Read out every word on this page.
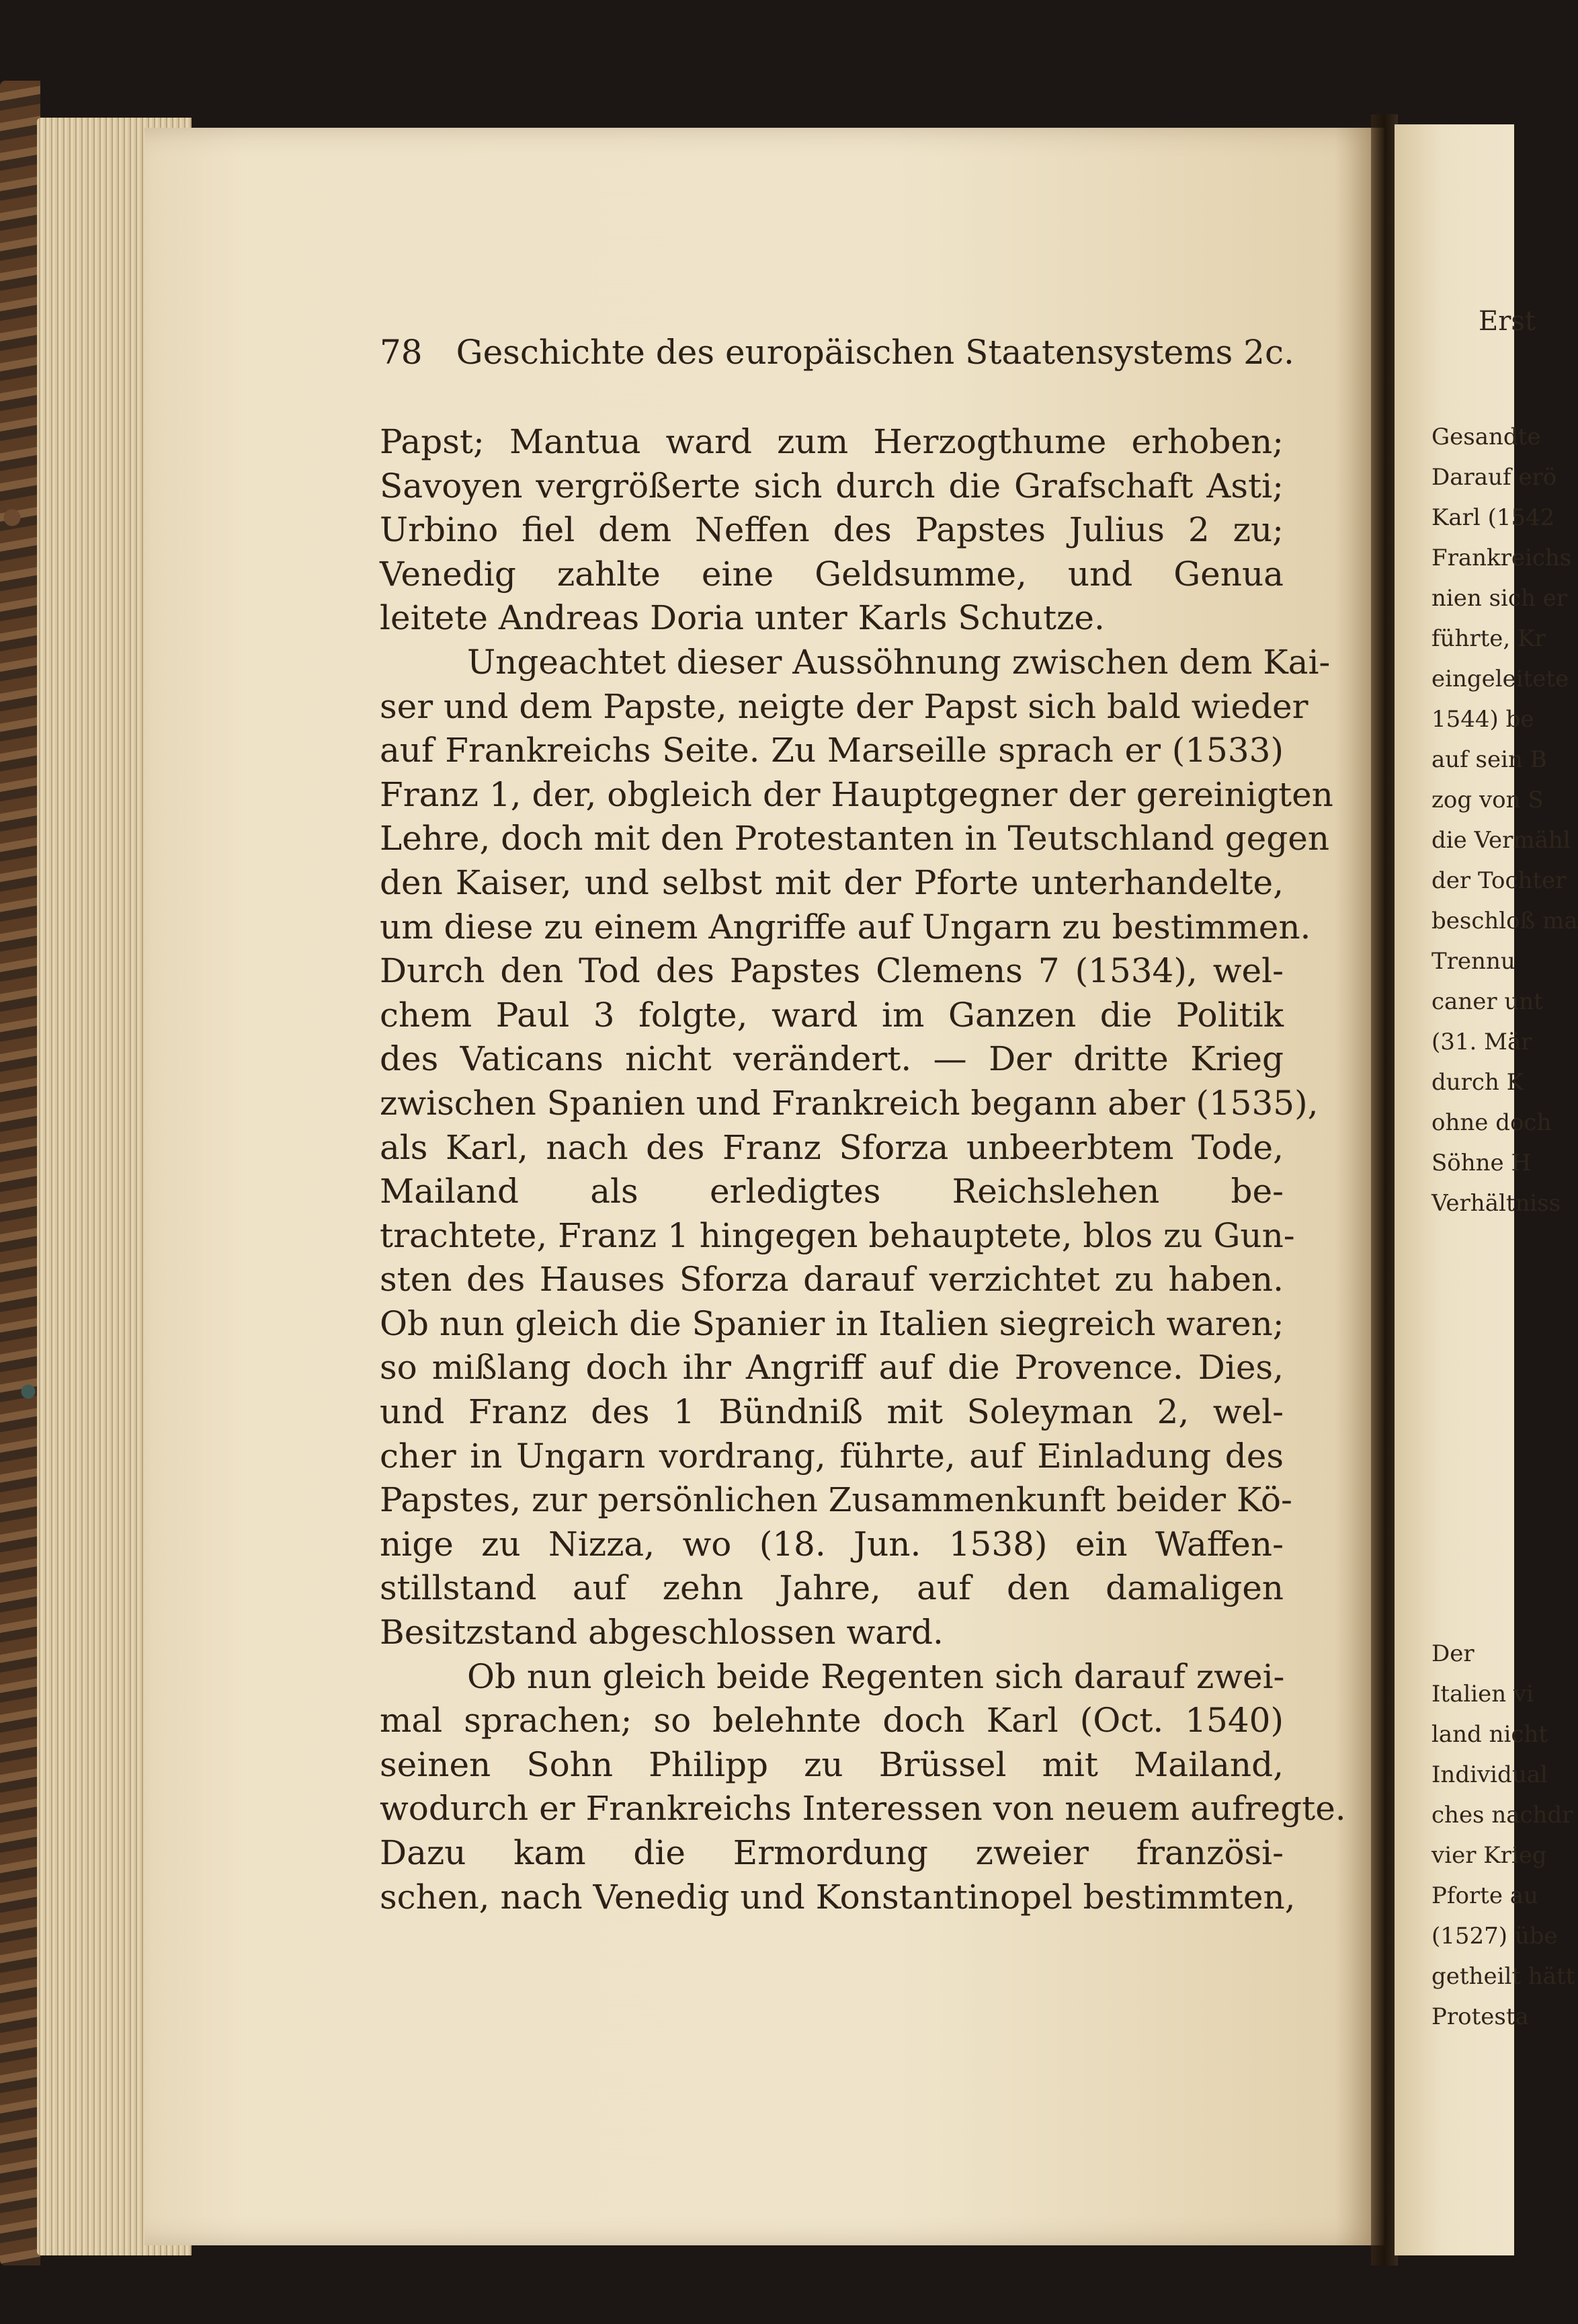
78 Geschichte des europäischen Staatensystems 2c.
Papst; Mantua ward zum Herzogthume erhoben;
Savoyen vergrößerte sich durch die Grafschaft Asti;
Urbino fiel dem Neffen des Papstes Julius 2 zu;
Venedig zahlte eine Geldsumme, und Genua
leitete Andreas Doria unter Karls Schutze.
Ungeachtet dieser Aussöhnung zwischen dem Kai-
ser und dem Papste, neigte der Papst sich bald wieder
auf Frankreichs Seite. Zu Marseille sprach er (1533)
Franz 1, der, obgleich der Hauptgegner der gereinigten
Lehre, doch mit den Protestanten in Teutschland gegen
den Kaiser, und selbst mit der Pforte unterhandelte,
um diese zu einem Angriffe auf Ungarn zu bestimmen.
Durch den Tod des Papstes Clemens 7 (1534), wel-
chem Paul 3 folgte, ward im Ganzen die Politik
des Vaticans nicht verändert. — Der dritte Krieg
zwischen Spanien und Frankreich begann aber (1535),
als Karl, nach des Franz Sforza unbeerbtem Tode,
Mailand als erledigtes Reichslehen be-
trachtete, Franz 1 hingegen behauptete, blos zu Gun-
sten des Hauses Sforza darauf verzichtet zu haben.
Ob nun gleich die Spanier in Italien siegreich waren;
so mißlang doch ihr Angriff auf die Provence. Dies,
und Franz des 1 Bündniß mit Soleyman 2, wel-
cher in Ungarn vordrang, führte, auf Einladung des
Papstes, zur persönlichen Zusammenkunft beider Kö-
nige zu Nizza, wo (18. Jun. 1538) ein Waffen-
stillstand auf zehn Jahre, auf den damaligen
Besitzstand abgeschlossen ward.
Ob nun gleich beide Regenten sich darauf zwei-
mal sprachen; so belehnte doch Karl (Oct. 1540)
seinen Sohn Philipp zu Brüssel mit Mailand,
wodurch er Frankreichs Interessen von neuem aufregte.
Dazu kam die Ermordung zweier französi-
schen, nach Venedig und Konstantinopel bestimmten,
Erst
Gesandte
Darauf erö
Karl (1542
Frankreichs
nien sich er
führte, Kr
eingeleitete
1544) be
auf sein B
zog von S
die Vermähl
der Tochter
beschloß ma
Trennu
caner unt
(31. Mär
durch K
ohne doch
Söhne H
Verhältniss
Der
Italien vi
land nicht
Individual
ches nachdr
vier Krieg
Pforte au
(1527) übe
getheilt hätt
Protesta
